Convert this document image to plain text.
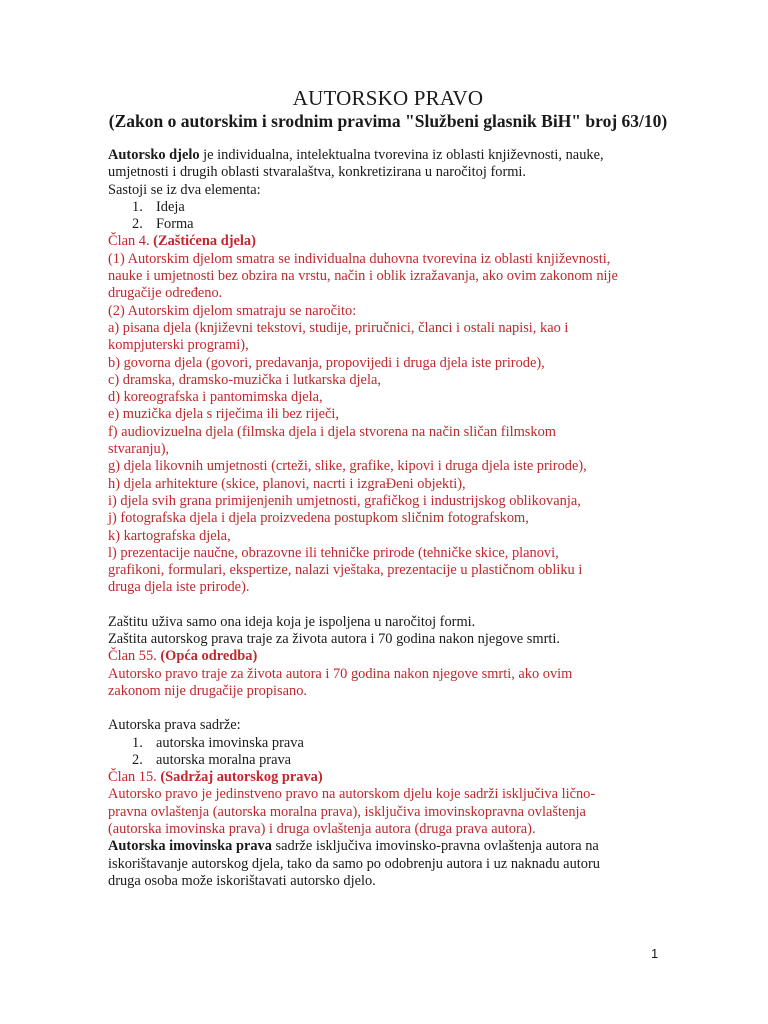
AUTORSKO PRAVO
(Zakon o autorskim i srodnim pravima "Službeni glasnik BiH" broj 63/10)

Autorsko djelo je individualna, intelektualna tvorevina iz oblasti književnosti, nauke,

umjetnosti i drugih oblasti stvaralaštva, konkretizirana u naročitoj formi.

Sastoji se iz dva elementa:

1. Ideja
2. Forma

Član 4. (Zaštićena djela)

(1) Autorskim djelom smatra se individualna duhovna tvorevina iz oblasti književnosti,

nauke i umjetnosti bez obzira na vrstu, način i oblik izražavanja, ako ovim zakonom nije

drugačije određeno.

(2) Autorskim djelom smatraju se naročito:

a) pisana djela (književni tekstovi, studije, priručnici, članci i ostali napisi, kao i

kompjuterski programi),

b) govorna djela (govori, predavanja, propovijedi i druga djela iste prirode),

c) dramska, dramsko-muzička i lutkarska djela,

d) koreografska i pantomimska djela,

e) muzička djela s riječima ili bez riječi,

f) audiovizuelna djela (filmska djela i djela stvorena na način sličan filmskom

stvaranju),

g) djela likovnih umjetnosti (crteži, slike, grafike, kipovi i druga djela iste prirode),

h) djela arhitekture (skice, planovi, nacrti i izgraĐeni objekti),

i) djela svih grana primijenjenih umjetnosti, grafičkog i industrijskog oblikovanja,

j) fotografska djela i djela proizvedena postupkom sličnim fotografskom,

k) kartografska djela,

l) prezentacije naučne, obrazovne ili tehničke prirode (tehničke skice, planovi,

grafikoni, formulari, ekspertize, nalazi vještaka, prezentacije u plastičnom obliku i

druga djela iste prirode).

Zaštitu uživa samo ona ideja koja je ispoljena u naročitoj formi.

Zaštita autorskog prava traje za života autora i 70 godina nakon njegove smrti.

Član 55. (Opća odredba)

Autorsko pravo traje za života autora i 70 godina nakon njegove smrti, ako ovim

zakonom nije drugačije propisano.

Autorska prava sadrže:

1. autorska imovinska prava
2. autorska moralna prava

Član 15. (Sadržaj autorskog prava)

Autorsko pravo je jedinstveno pravo na autorskom djelu koje sadrži isključiva lično-

pravna ovlaštenja (autorska moralna prava), isključiva imovinskopravna ovlaštenja

(autorska imovinska prava) i druga ovlaštenja autora (druga prava autora).

Autorska imovinska prava sadrže isključiva imovinsko-pravna ovlaštenja autora na

iskorištavanje autorskog djela, tako da samo po odobrenju autora i uz naknadu autoru

druga osoba može iskorištavati autorsko djelo.

1
